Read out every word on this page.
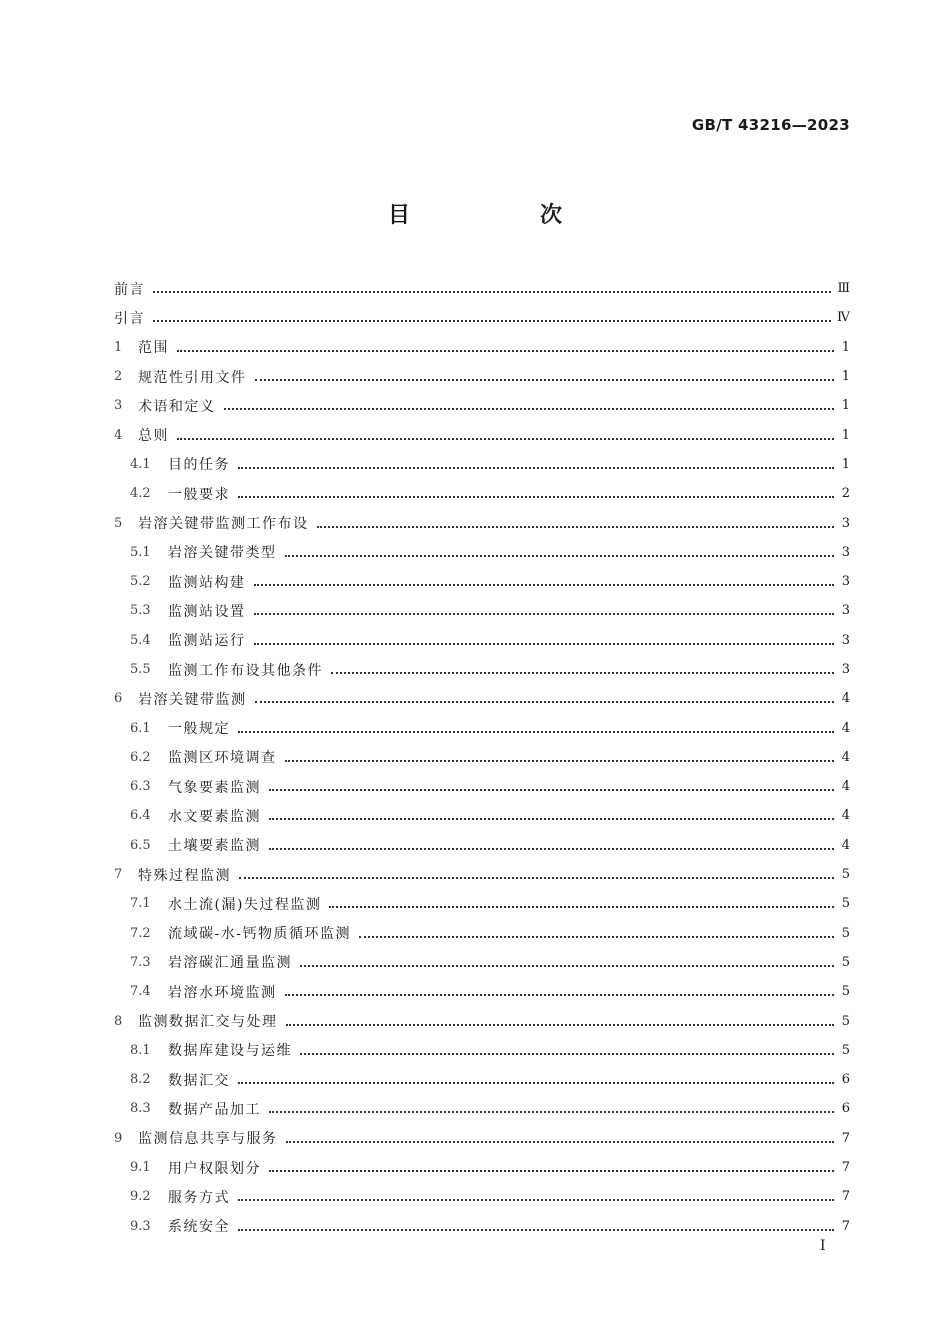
GB/T 43216—2023
目　次
前言	Ⅲ
引言	Ⅳ
1	范围	1
2	规范性引用文件	1
3	术语和定义	1
4	总则	1
4.1	目的任务	1
4.2	一般要求	2
5	岩溶关键带监测工作布设	3
5.1	岩溶关键带类型	3
5.2	监测站构建	3
5.3	监测站设置	3
5.4	监测站运行	3
5.5	监测工作布设其他条件	3
6	岩溶关键带监测	4
6.1	一般规定	4
6.2	监测区环境调查	4
6.3	气象要素监测	4
6.4	水文要素监测	4
6.5	土壤要素监测	4
7	特殊过程监测	5
7.1	水土流(漏)失过程监测	5
7.2	流域碳-水-钙物质循环监测	5
7.3	岩溶碳汇通量监测	5
7.4	岩溶水环境监测	5
8	监测数据汇交与处理	5
8.1	数据库建设与运维	5
8.2	数据汇交	6
8.3	数据产品加工	6
9	监测信息共享与服务	7
9.1	用户权限划分	7
9.2	服务方式	7
9.3	系统安全	7
Ⅰ
